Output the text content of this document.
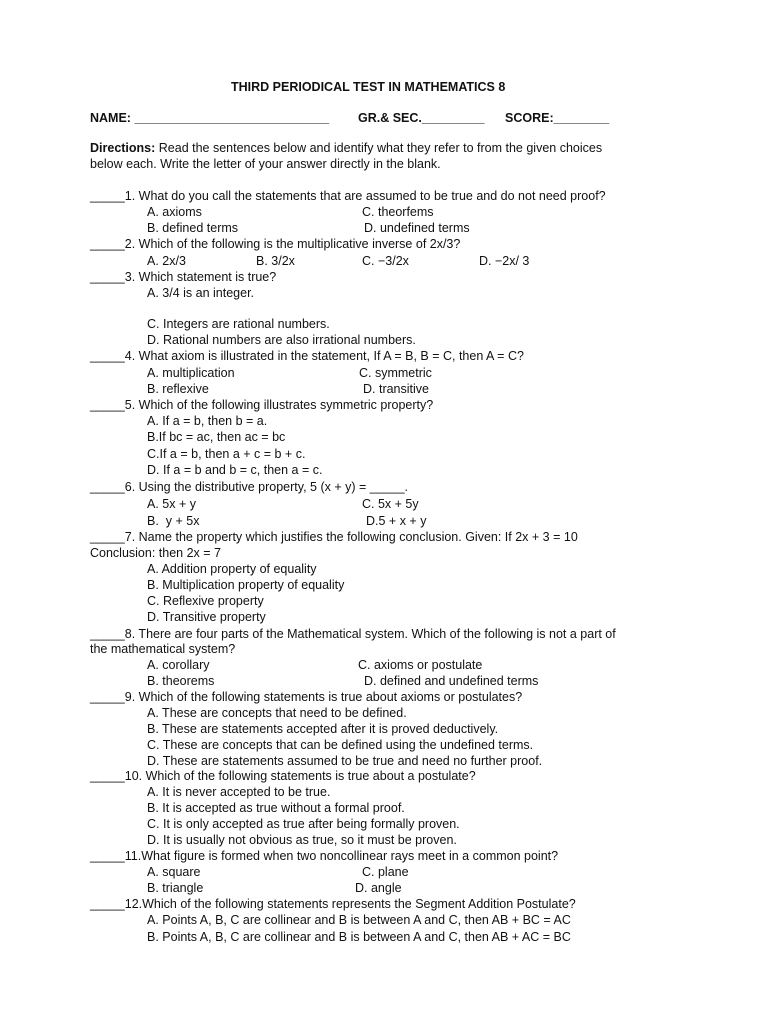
THIRD PERIODICAL TEST IN MATHEMATICS 8
NAME: ____________________________ GR.& SEC._________ SCORE:________
Directions: Read the sentences below and identify what they refer to from the given choices
below each. Write the letter of your answer directly in the blank.
_____1. What do you call the statements that are assumed to be true and do not need proof?
A. axioms	C. theorfems
B. defined terms	D. undefined terms
_____2. Which of the following is the multiplicative inverse of 2x/3?
A. 2x/3	B. 3/2x	C. −3/2x	D. −2x/ 3
_____3. Which statement is true?
A. 3/4 is an integer.
C. Integers are rational numbers.
D. Rational numbers are also irrational numbers.
_____4. What axiom is illustrated in the statement, If A = B, B = C, then A = C?
A. multiplication	C. symmetric
B. reflexive	D. transitive
_____5. Which of the following illustrates symmetric property?
A. If a = b, then b = a.
B.If bc = ac, then ac = bc
C.If a = b, then a + c = b + c.
D. If a = b and b = c, then a = c.
_____6. Using the distributive property, 5 (x + y) = _____.
A. 5x + y	C. 5x + 5y
B.  y + 5x	D.5 + x + y
_____7. Name the property which justifies the following conclusion. Given: If 2x + 3 = 10
Conclusion: then 2x = 7
A. Addition property of equality
B. Multiplication property of equality
C. Reflexive property
D. Transitive property
_____8. There are four parts of the Mathematical system. Which of the following is not a part of
the mathematical system?
A. corollary	C. axioms or postulate
B. theorems	D. defined and undefined terms
_____9. Which of the following statements is true about axioms or postulates?
A. These are concepts that need to be defined.
B. These are statements accepted after it is proved deductively.
C. These are concepts that can be defined using the undefined terms.
D. These are statements assumed to be true and need no further proof.
_____10. Which of the following statements is true about a postulate?
A. It is never accepted to be true.
B. It is accepted as true without a formal proof.
C. It is only accepted as true after being formally proven.
D. It is usually not obvious as true, so it must be proven.
_____11.What figure is formed when two noncollinear rays meet in a common point?
A. square	C. plane
B. triangle	D. angle
_____12.Which of the following statements represents the Segment Addition Postulate?
A. Points A, B, C are collinear and B is between A and C, then AB + BC = AC
B. Points A, B, C are collinear and B is between A and C, then AB + AC = BC
